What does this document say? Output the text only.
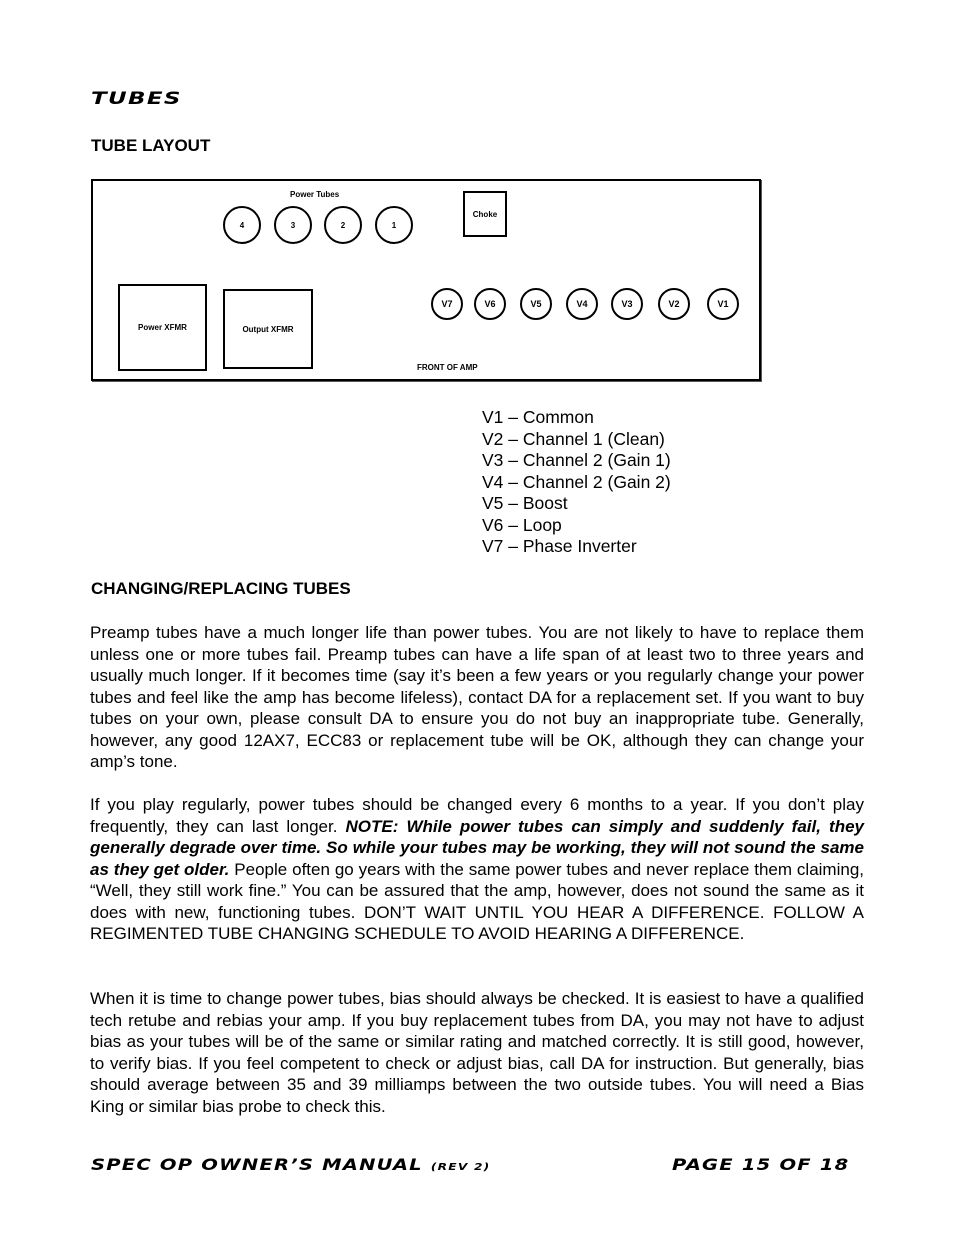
TUBES
TUBE LAYOUT
Power Tubes
4	3	2	1
Choke
V7	V6	V5	V4	V3	V2	V1
Power XFMR	Output XFMR
FRONT OF AMP
V1 – Common
V2 – Channel 1 (Clean)
V3 – Channel 2 (Gain 1)
V4 – Channel 2 (Gain 2)
V5 – Boost
V6 – Loop
V7 – Phase Inverter
CHANGING/REPLACING TUBES

Preamp tubes have a much longer life than power tubes. You are not likely to have to replace them unless one or more tubes fail. Preamp tubes can have a life span of at least two to three years and usually much longer. If it becomes time (say it’s been a few years or you regularly change your power tubes and feel like the amp has become lifeless), contact DA for a replacement set. If you want to buy tubes on your own, please consult DA to ensure you do not buy an inappropriate tube. Generally, however, any good 12AX7, ECC83 or replacement tube will be OK, although they can change your amp’s tone.

If you play regularly, power tubes should be changed every 6 months to a year. If you don’t play frequently, they can last longer. NOTE: While power tubes can simply and suddenly fail, they generally degrade over time. So while your tubes may be working, they will not sound the same as they get older. People often go years with the same power tubes and never replace them claiming, “Well, they still work fine.” You can be assured that the amp, however, does not sound the same as it does with new, functioning tubes. DON’T WAIT UNTIL YOU HEAR A DIFFERENCE. FOLLOW A REGIMENTED TUBE CHANGING SCHEDULE TO AVOID HEARING A DIFFERENCE.

When it is time to change power tubes, bias should always be checked. It is easiest to have a qualified tech retube and rebias your amp. If you buy replacement tubes from DA, you may not have to adjust bias as your tubes will be of the same or similar rating and matched correctly. It is still good, however, to verify bias. If you feel competent to check or adjust bias, call DA for instruction. But generally, bias should average between 35 and 39 milliamps between the two outside tubes. You will need a Bias King or similar bias probe to check this.

SPEC OP OWNER’S MANUAL (REV 2)	PAGE 15 OF 18
